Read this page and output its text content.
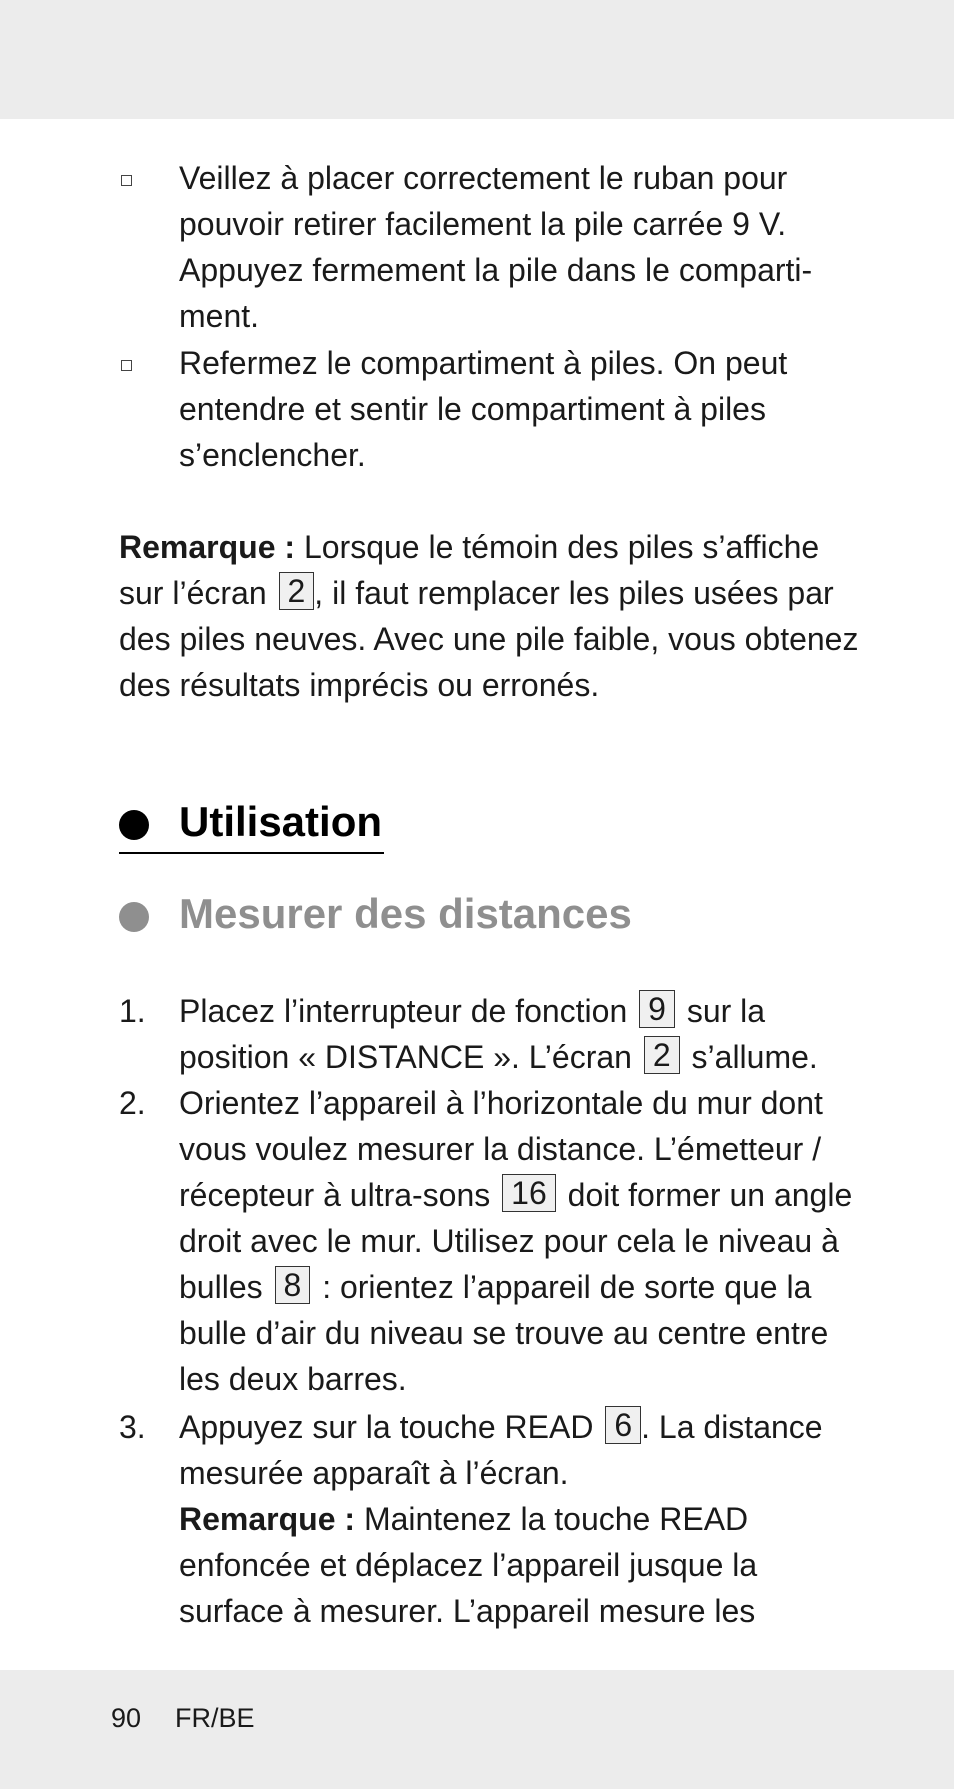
Veillez à placer correctement le ruban pour pouvoir retirer facilement la pile carrée 9 V. Appuyez fermement la pile dans le comparti-ment.
Refermez le compartiment à piles. On peut entendre et sentir le compartiment à piles s’enclencher.
Remarque : Lorsque le témoin des piles s’affiche sur l’écran 2 , il faut remplacer les piles usées par des piles neuves. Avec une pile faible, vous obtenez des résultats imprécis ou erronés.
Utilisation
Mesurer des distances
1.	Placez l’interrupteur de fonction 9 sur la position « DISTANCE ». L’écran 2 s’allume.
2.	Orientez l’appareil à l’horizontale du mur dont vous voulez mesurer la distance. L’émetteur / récepteur à ultra-sons 16 doit former un angle droit avec le mur. Utilisez pour cela le niveau à bulles 8 : orientez l’appareil de sorte que la bulle d’air du niveau se trouve au centre entre les deux barres.
3.	Appuyez sur la touche READ 6 . La distance mesurée apparaît à l’écran.
Remarque : Maintenez la touche READ enfoncée et déplacez l’appareil jusque la surface à mesurer. L’appareil mesure les
90 FR/BE
